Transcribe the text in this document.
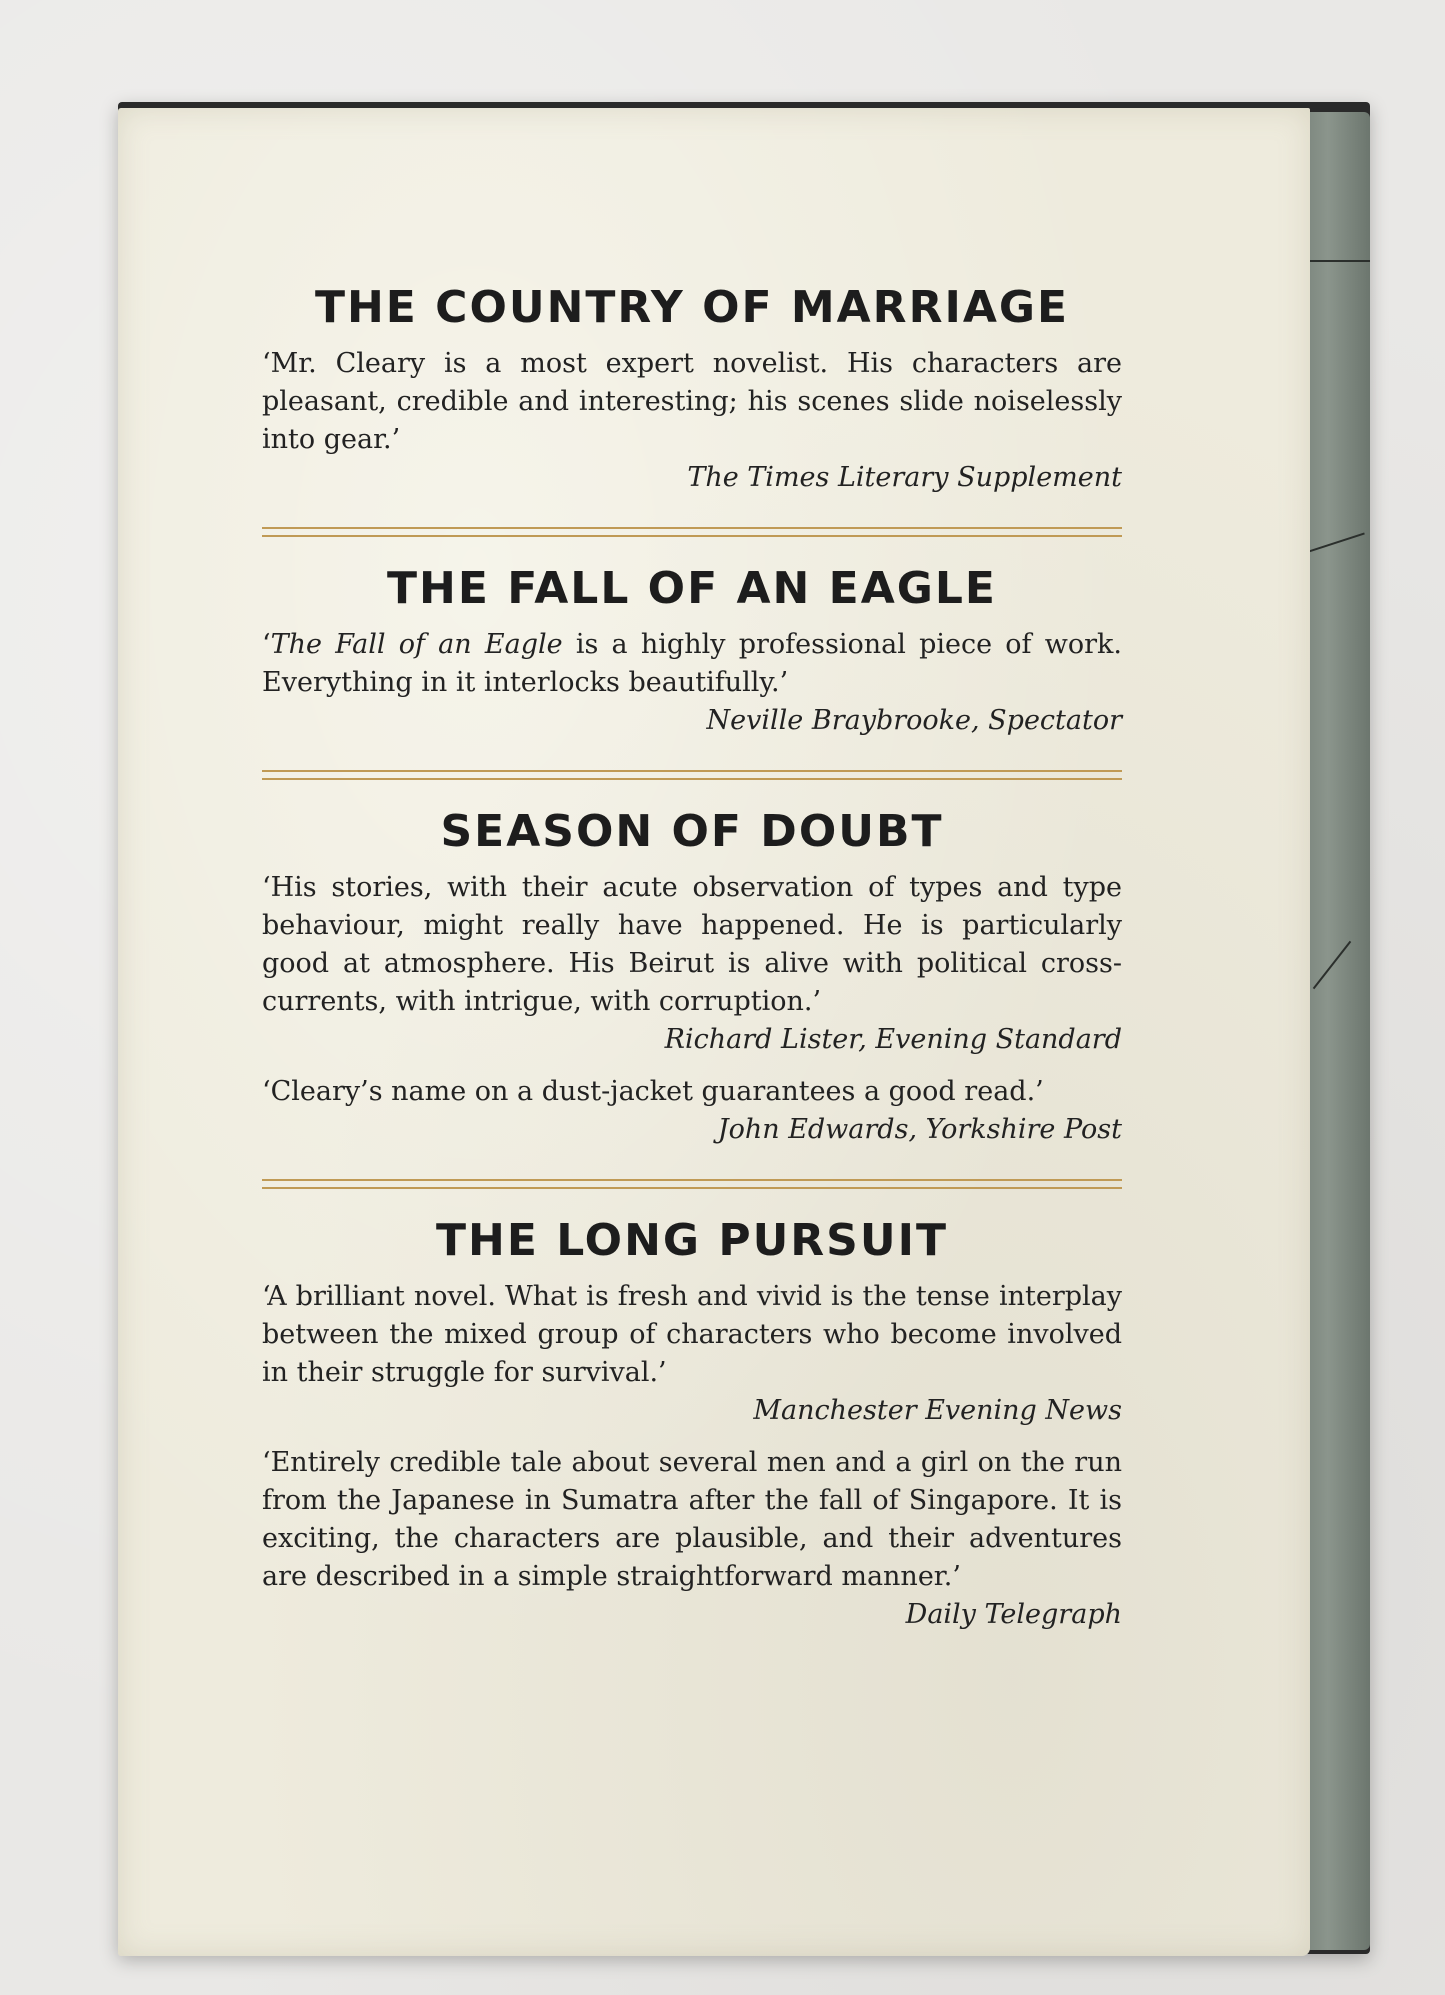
THE COUNTRY OF MARRIAGE

‘Mr. Cleary is a most expert novelist. His characters are pleasant, credible and interesting; his scenes slide noiselessly into gear.’

The Times Literary Supplement

THE FALL OF AN EAGLE

‘The Fall of an Eagle is a highly professional piece of work. Everything in it interlocks beautifully.’

Neville Braybrooke, Spectator

SEASON OF DOUBT

‘His stories, with their acute observation of types and type behaviour, might really have happened. He is particularly good at atmosphere. His Beirut is alive with political cross-currents, with intrigue, with corruption.’

Richard Lister, Evening Standard

‘Cleary’s name on a dust-jacket guarantees a good read.’

John Edwards, Yorkshire Post

THE LONG PURSUIT

‘A brilliant novel. What is fresh and vivid is the tense interplay between the mixed group of characters who become involved in their struggle for survival.’

Manchester Evening News

‘Entirely credible tale about several men and a girl on the run from the Japanese in Sumatra after the fall of Singapore. It is exciting, the characters are plausible, and their adventures are described in a simple straightforward manner.’

Daily Telegraph
